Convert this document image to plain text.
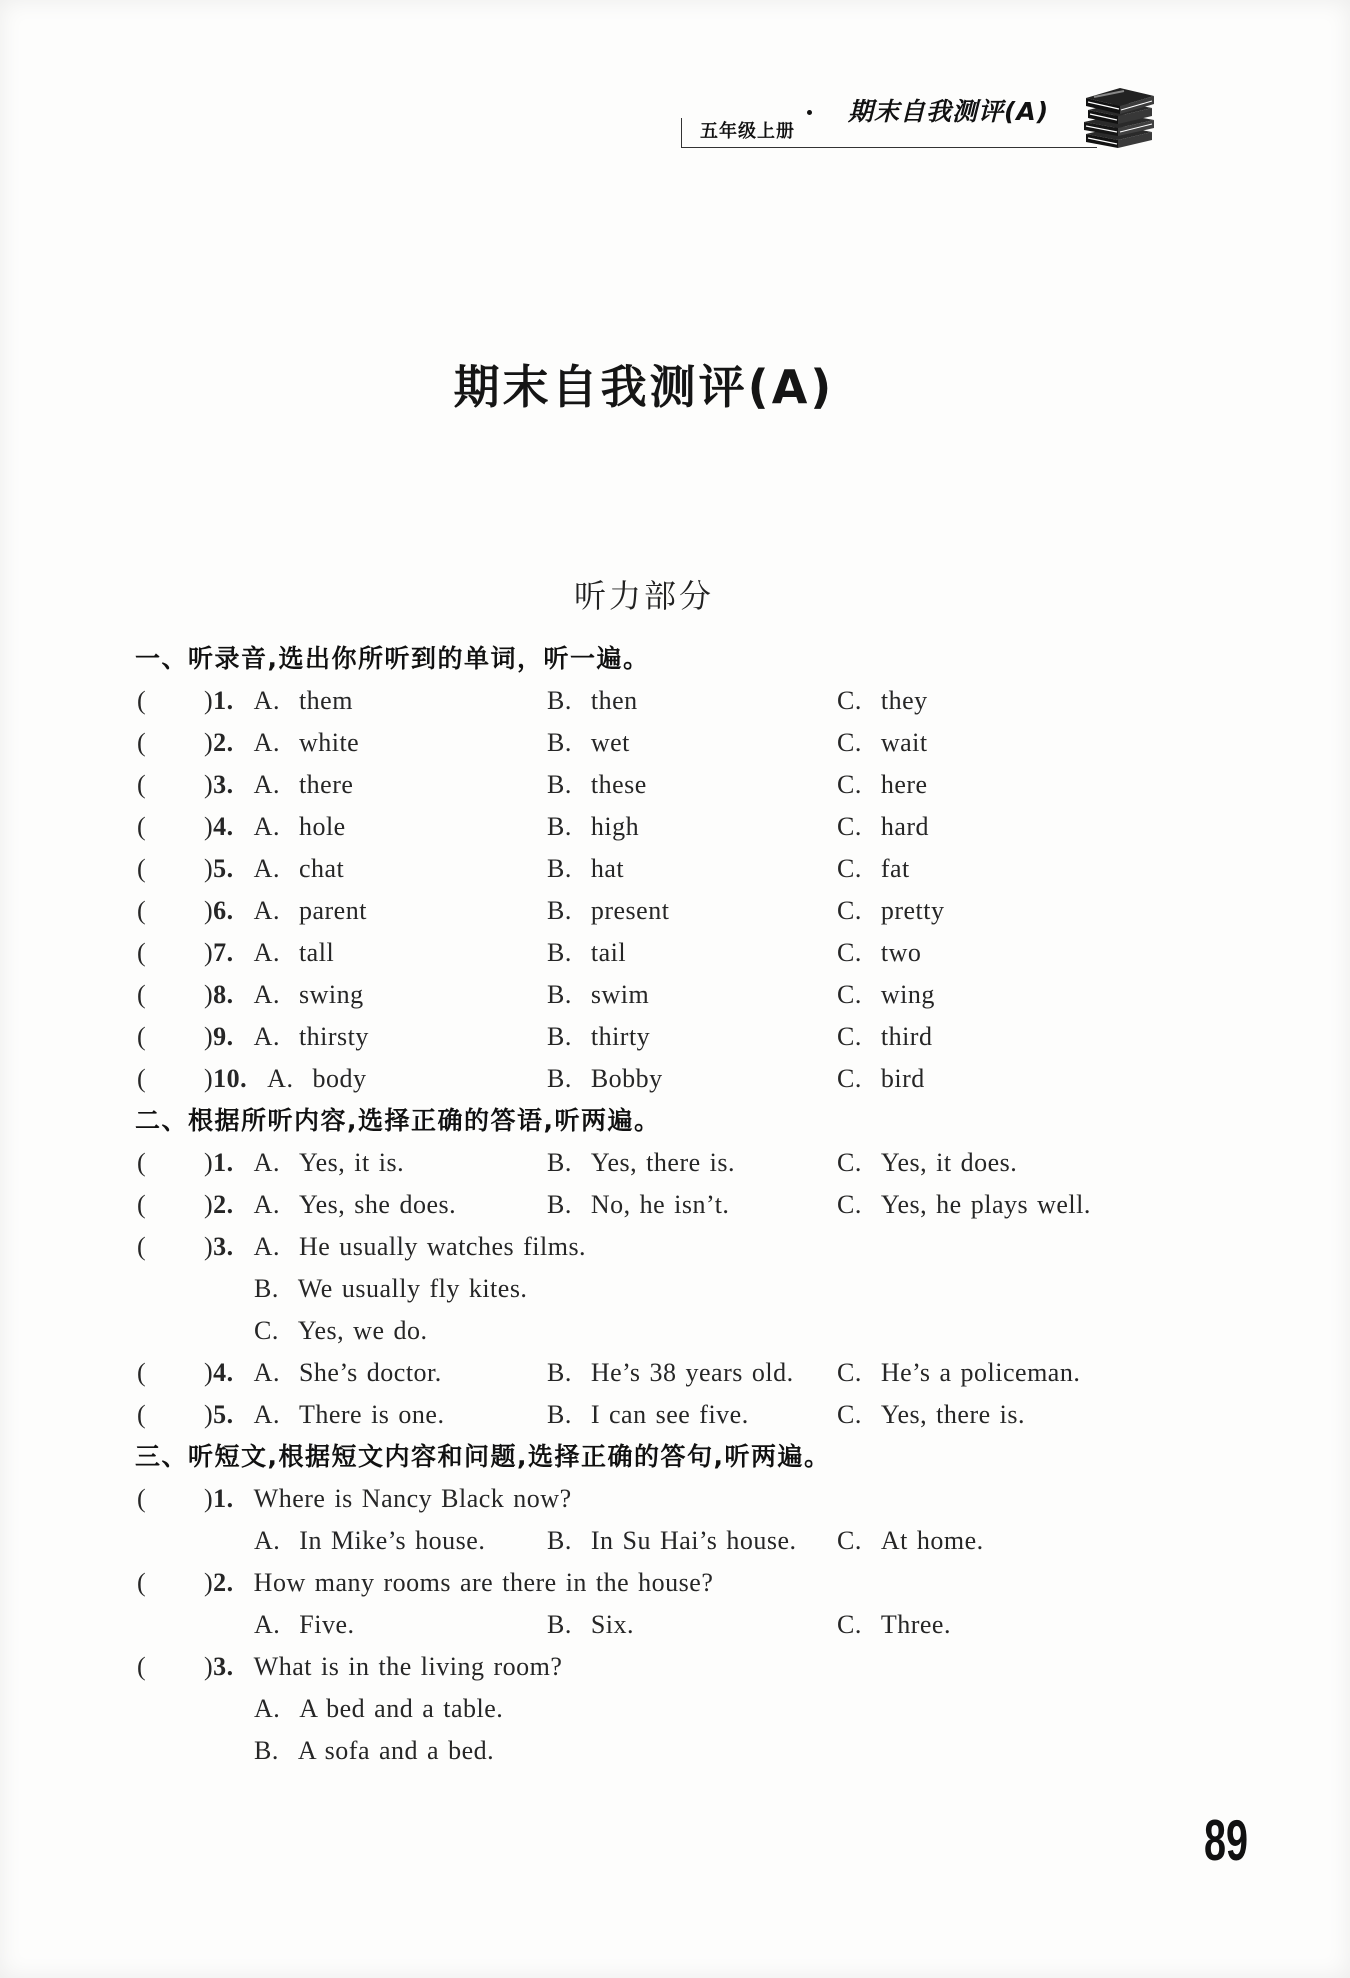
五年级上册
期末自我测评(A)
期末自我测评(A)
听力部分
一、听录音,选出你所听到的单词，听一遍。
( )1. A. them	B. then	C. they
( )2. A. white	B. wet	C. wait
( )3. A. there	B. these	C. here
( )4. A. hole	B. high	C. hard
( )5. A. chat	B. hat	C. fat
( )6. A. parent	B. present	C. pretty
( )7. A. tall	B. tail	C. two
( )8. A. swing	B. swim	C. wing
( )9. A. thirsty	B. thirty	C. third
( )10. A. body	B. Bobby	C. bird
二、根据所听内容,选择正确的答语,听两遍。
( )1. A. Yes, it is.	B. Yes, there is.	C. Yes, it does.
( )2. A. Yes, she does.	B. No, he isn’t.	C. Yes, he plays well.
( )3. A. He usually watches films.
B. We usually fly kites.
C. Yes, we do.
( )4. A. She’s doctor.	B. He’s 38 years old. C. He’s a policeman.
( )5. A. There is one.	B. I can see five.	C. Yes, there is.
三、听短文,根据短文内容和问题,选择正确的答句,听两遍。
( )1. Where is Nancy Black now?
A. In Mike’s house. B. In Su Hai’s house. C. At home.
( )2. How many rooms are there in the house?
A. Five.	B. Six.	C. Three.
( )3. What is in the living room?
A. A bed and a table.
B. A sofa and a bed.
89
